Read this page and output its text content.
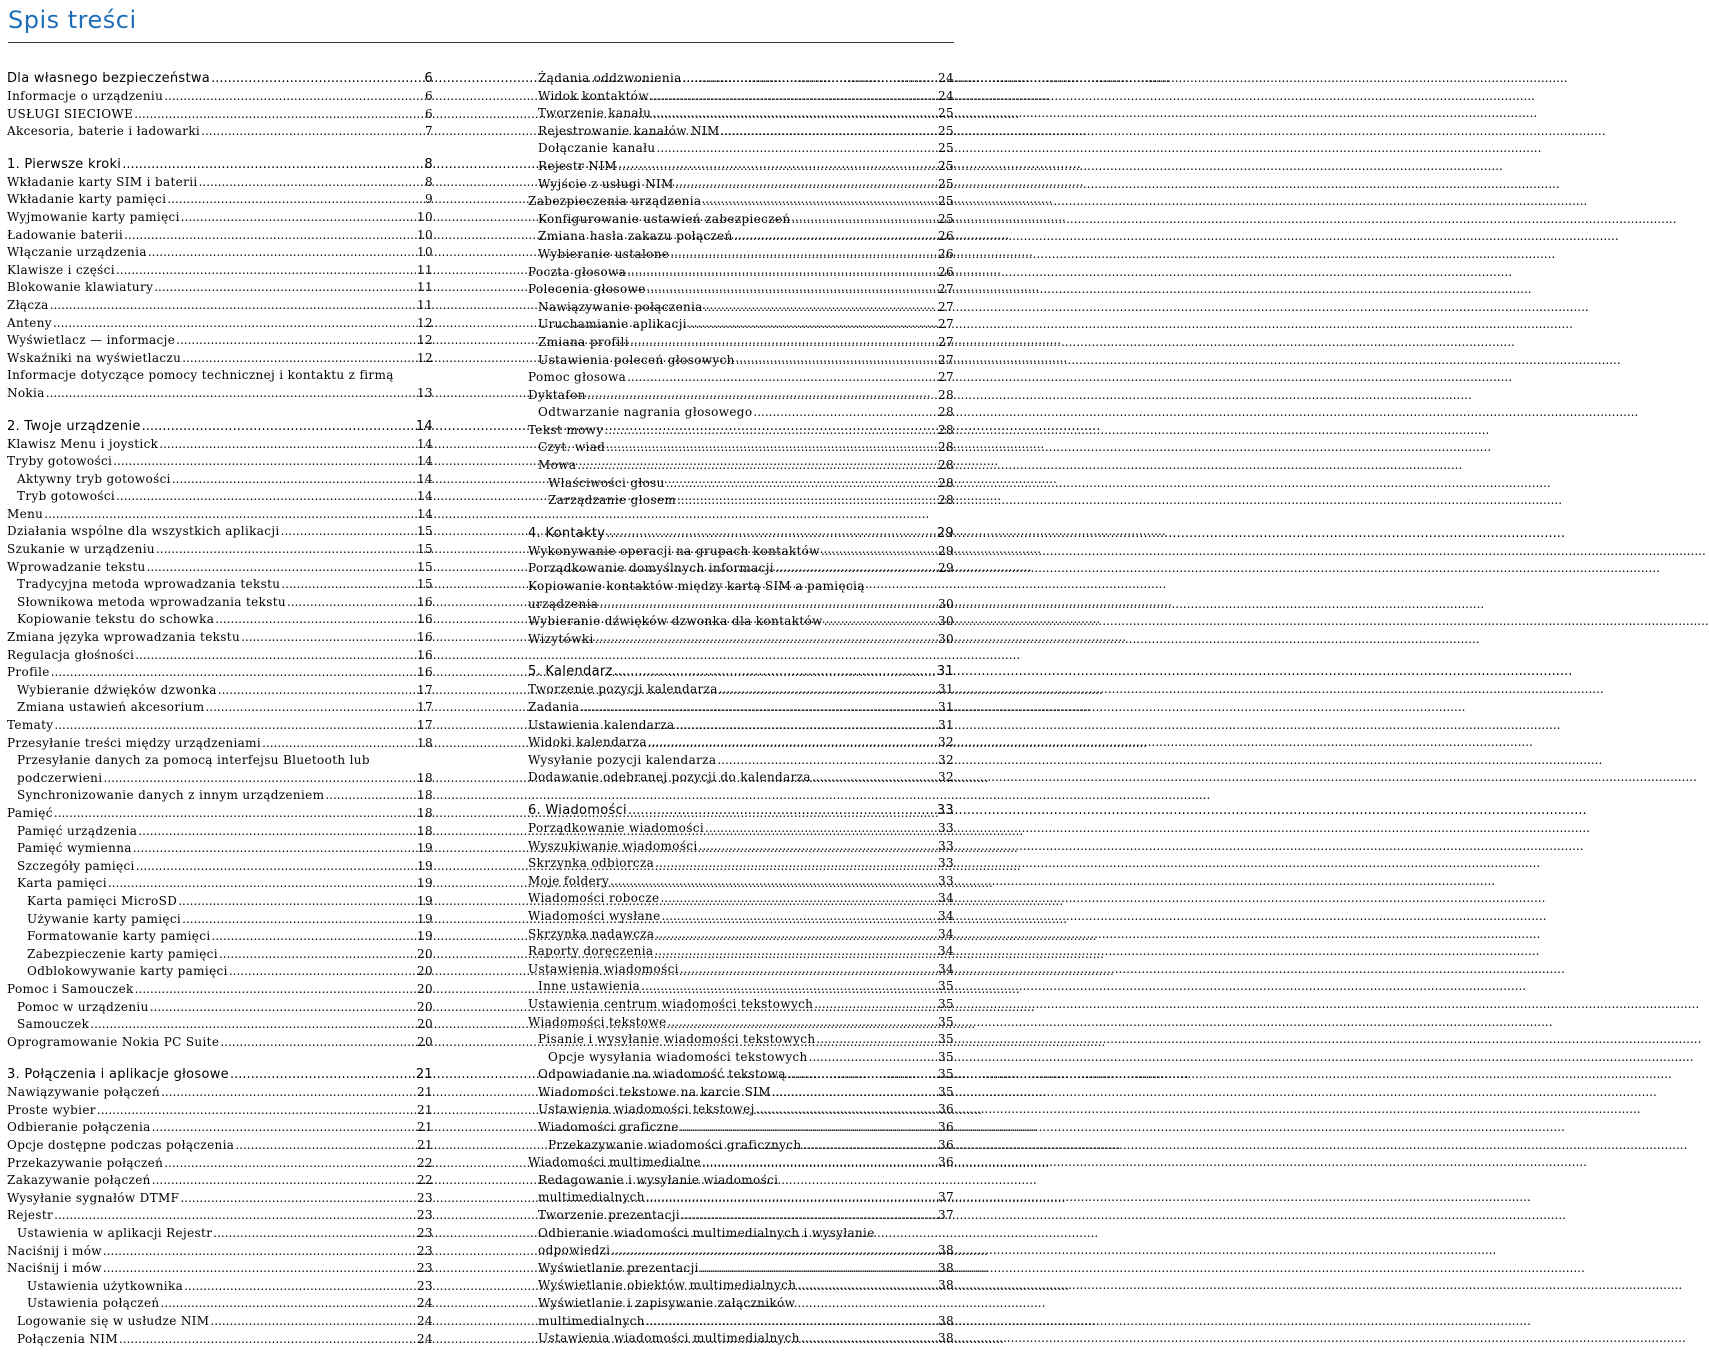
Spis treści
Dla własnego bezpieczeństwa .....	6
Informacje o urządzeniu .....	6
USŁUGI SIECIOWE .....	6
Akcesoria, baterie i ładowarki .....	7
1. Pierwsze kroki .....	8
Wkładanie karty SIM i baterii .....	8
Wkładanie karty pamięci .....	9
Wyjmowanie karty pamięci .....	10
Ładowanie baterii .....	10
Włączanie urządzenia .....	10
Klawisze i części .....	11
Blokowanie klawiatury .....	11
Złącza .....	11
Anteny .....	12
Wyświetlacz — informacje .....	12
Wskaźniki na wyświetlaczu .....	12
Informacje dotyczące pomocy technicznej i kontaktu z firmą
Nokia .....	13
2. Twoje urządzenie .....	14
Klawisz Menu i joystick .....	14
Tryby gotowości .....	14
Aktywny tryb gotowości .....	14
Tryb gotowości .....	14
Menu .....	14
Działania wspólne dla wszystkich aplikacji .....	15
Szukanie w urządzeniu .....	15
Wprowadzanie tekstu .....	15
Tradycyjna metoda wprowadzania tekstu .....	15
Słownikowa metoda wprowadzania tekstu .....	16
Kopiowanie tekstu do schowka .....	16
Zmiana języka wprowadzania tekstu .....	16
Regulacja głośności .....	16
Profile .....	16
Wybieranie dźwięków dzwonka .....	17
Zmiana ustawień akcesorium .....	17
Tematy .....	17
Przesyłanie treści między urządzeniami .....	18
Przesyłanie danych za pomocą interfejsu Bluetooth lub
podczerwieni .....	18
Synchronizowanie danych z innym urządzeniem .....	18
Pamięć .....	18
Pamięć urządzenia .....	18
Pamięć wymienna .....	19
Szczegóły pamięci .....	19
Karta pamięci .....	19
Karta pamięci MicroSD .....	19
Używanie karty pamięci .....	19
Formatowanie karty pamięci .....	19
Zabezpieczenie karty pamięci .....	20
Odblokowywanie karty pamięci .....	20
Pomoc i Samouczek .....	20
Pomoc w urządzeniu .....	20
Samouczek .....	20
Oprogramowanie Nokia PC Suite .....	20
3. Połączenia i aplikacje głosowe .....	21
Nawiązywanie połączeń .....	21
Proste wybier .....	21
Odbieranie połączenia .....	21
Opcje dostępne podczas połączenia .....	21
Przekazywanie połączeń .....	22
Zakazywanie połączeń .....	22
Wysyłanie sygnałów DTMF .....	23
Rejestr .....	23
Ustawienia w aplikacji Rejestr .....	23
Naciśnij i mów .....	23
Naciśnij i mów .....	23
Ustawienia użytkownika .....	23
Ustawienia połączeń .....	24
Logowanie się w usłudze NIM .....	24
Połączenia NIM .....	24
Żądania oddzwonienia .....	24
Widok kontaktów .....	24
Tworzenie kanału .....	25
Rejestrowanie kanałów NIM .....	25
Dołączanie kanału .....	25
Rejestr NIM .....	25
Wyjście z usługi NIM .....	25
Zabezpieczenia urządzenia .....	25
Konfigurowanie ustawień zabezpieczeń .....	25
Zmiana hasła zakazu połączeń .....	26
Wybieranie ustalone .....	26
Poczta głosowa .....	26
Polecenia głosowe .....	27
Nawiązywanie połączenia .....	27
Uruchamianie aplikacji .....	27
Zmiana profili .....	27
Ustawienia poleceń głosowych .....	27
Pomoc głosowa .....	27
Dyktafon .....	28
Odtwarzanie nagrania głosowego .....	28
Tekst mowy .....	28
Czyt. wiad .....	28
Mowa .....	28
Właściwości głosu .....	28
Zarządzanie głosem .....	28
4. Kontakty .....	29
Wykonywanie operacji na grupach kontaktów .....	29
Porządkowanie domyślnych informacji .....	29
Kopiowanie kontaktów między kartą SIM a pamięcią
urządzenia .....	30
Wybieranie dźwięków dzwonka dla kontaktów .....	30
Wizytówki .....	30
5. Kalendarz .....	31
Tworzenie pozycji kalendarza .....	31
Zadania .....	31
Ustawienia kalendarza .....	31
Widoki kalendarza .....	32
Wysyłanie pozycji kalendarza .....	32
Dodawanie odebranej pozycji do kalendarza .....	32
6. Wiadomości .....	33
Porządkowanie wiadomości .....	33
Wyszukiwanie wiadomości .....	33
Skrzynka odbiorcza .....	33
Moje foldery .....	33
Wiadomości robocze .....	34
Wiadomości wysłane .....	34
Skrzynka nadawcza .....	34
Raporty doręczenia .....	34
Ustawienia wiadomości .....	34
Inne ustawienia .....	35
Ustawienia centrum wiadomości tekstowych .....	35
Wiadomości tekstowe .....	35
Pisanie i wysyłanie wiadomości tekstowych .....	35
Opcje wysyłania wiadomości tekstowych .....	35
Odpowiadanie na wiadomość tekstową .....	35
Wiadomości tekstowe na karcie SIM .....	35
Ustawienia wiadomości tekstowej .....	36
Wiadomości graficzne .....	36
Przekazywanie wiadomości graficznych .....	36
Wiadomości multimedialne .....	36
Redagowanie i wysyłanie wiadomości
multimedialnych .....	37
Tworzenie prezentacji .....	37
Odbieranie wiadomości multimedialnych i wysyłanie
odpowiedzi .....	38
Wyświetlanie prezentacji .....	38
Wyświetlanie obiektów multimedialnych .....	38
Wyświetlanie i zapisywanie załączników
multimedialnych .....	38
Ustawienia wiadomości multimedialnych .....	38
